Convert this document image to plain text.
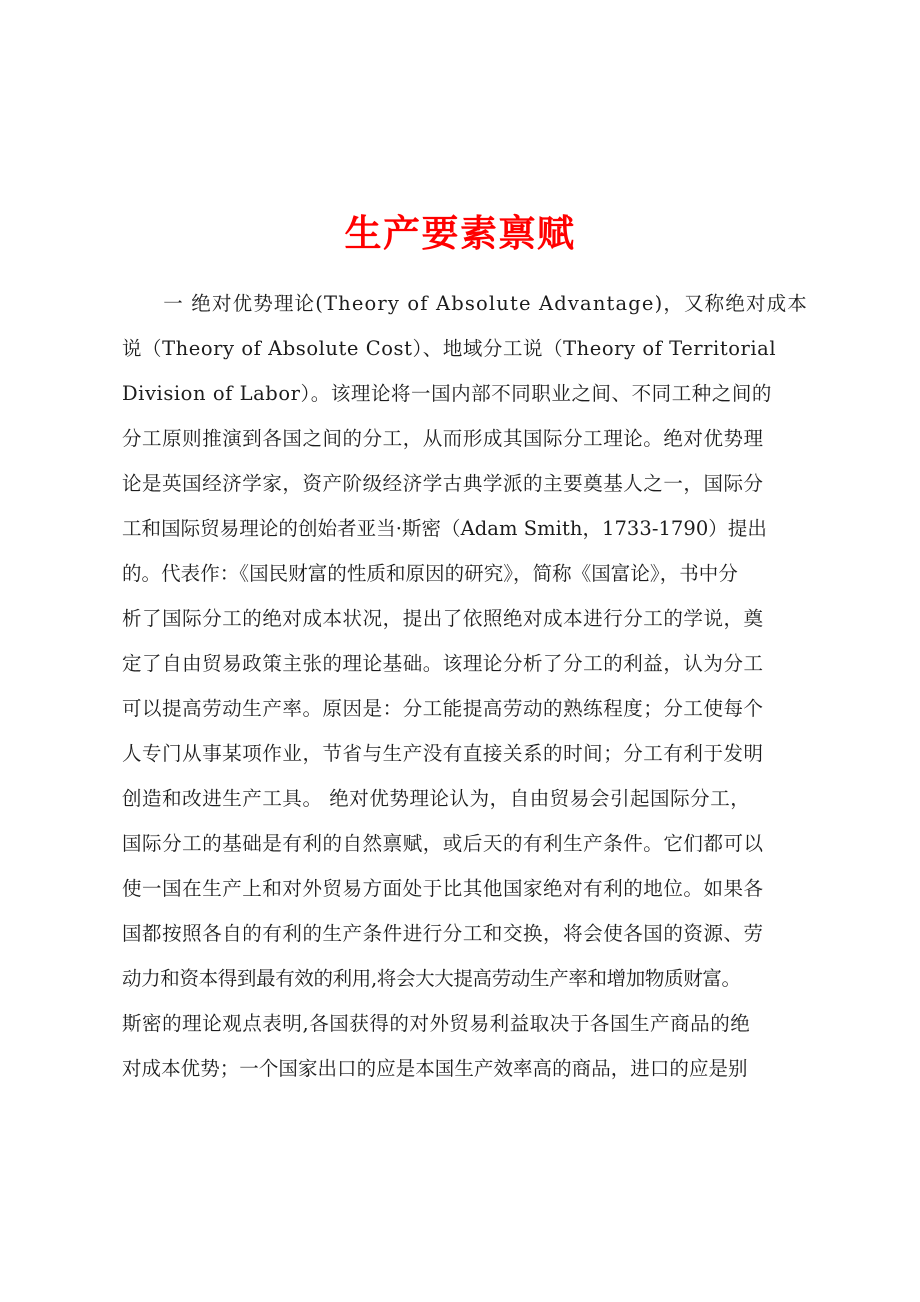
生产要素禀赋
　　一 绝对优势理论(Theory of Absolute Advantage)，又称绝对成本
说（Theory of Absolute Cost）、地域分工说（Theory of Territorial
Division of Labor）。该理论将一国内部不同职业之间、不同工种之间的
分工原则推演到各国之间的分工，从而形成其国际分工理论。绝对优势理
论是英国经济学家，资产阶级经济学古典学派的主要奠基人之一，国际分
工和国际贸易理论的创始者亚当·斯密（Adam Smith，1733-1790）提出
的。代表作：《国民财富的性质和原因的研究》，简称《国富论》，书中分
析了国际分工的绝对成本状况，提出了依照绝对成本进行分工的学说，奠
定了自由贸易政策主张的理论基础。该理论分析了分工的利益，认为分工
可以提高劳动生产率。原因是：分工能提高劳动的熟练程度；分工使每个
人专门从事某项作业，节省与生产没有直接关系的时间；分工有利于发明
创造和改进生产工具。 绝对优势理论认为，自由贸易会引起国际分工，
国际分工的基础是有利的自然禀赋，或后天的有利生产条件。它们都可以
使一国在生产上和对外贸易方面处于比其他国家绝对有利的地位。如果各
国都按照各自的有利的生产条件进行分工和交换，将会使各国的资源、劳
动力和资本得到最有效的利用,将会大大提高劳动生产率和增加物质财富。
斯密的理论观点表明,各国获得的对外贸易利益取决于各国生产商品的绝
对成本优势；一个国家出口的应是本国生产效率高的商品，进口的应是别
